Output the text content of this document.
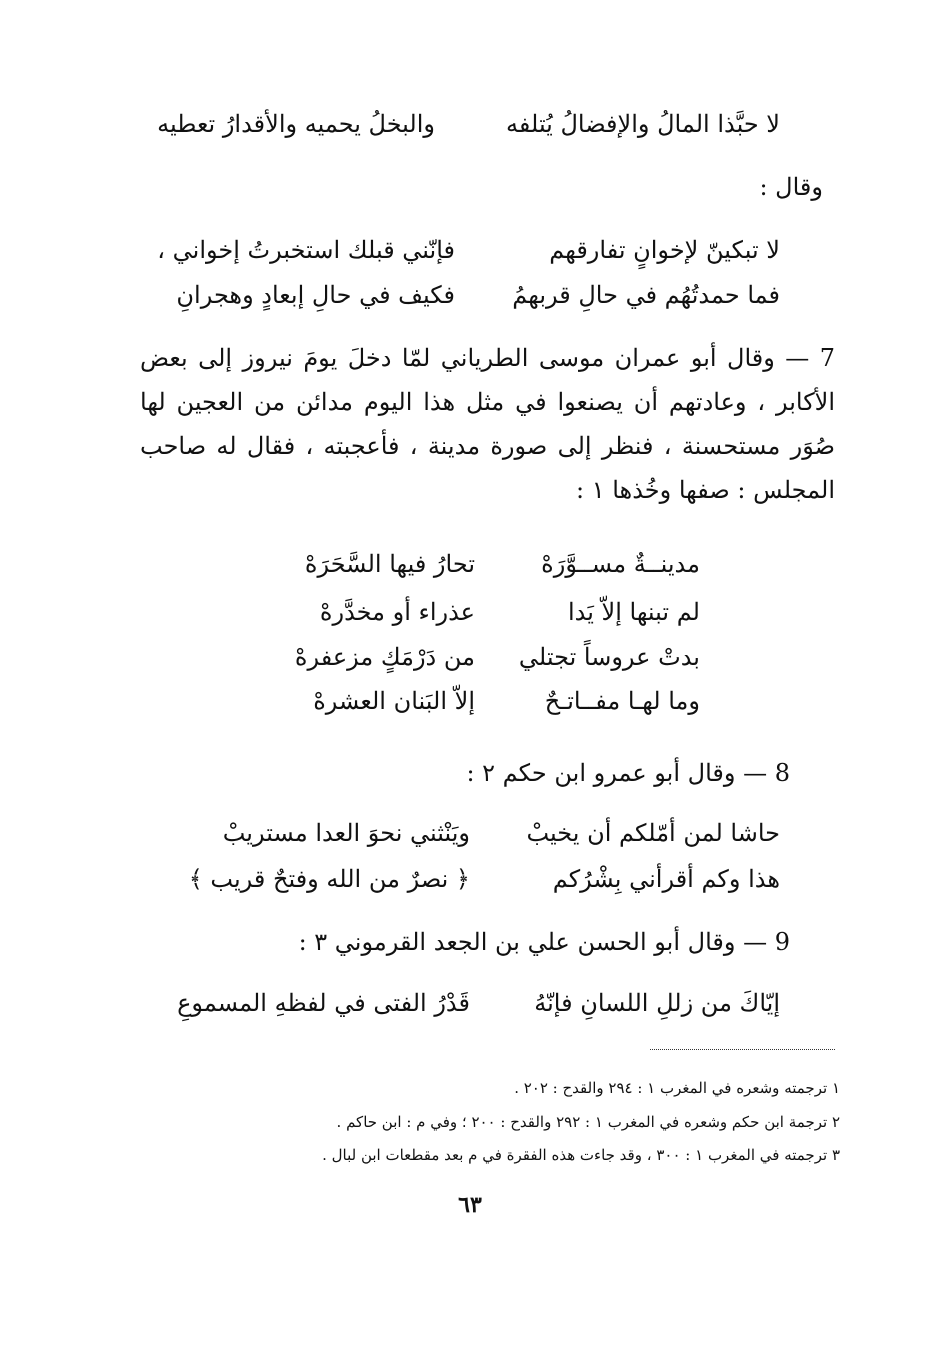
لا حبَّذا المالُ والإفضالُ يُتلفه
والبخلُ يحميه والأقدارُ تعطيه
وقال :
لا تبكينّ لإخوانٍ تفارقهم
فإنّني قبلك استخبرتُ إخواني ،
فما حمدتُهُم في حالِ قربهمُ
فكيف في حالِ إبعادٍ وهجرانِ
7 — وقال أبو عمران موسى الطرياني لمّا دخلَ يومَ نيروز إلى بعض الأكابر ، وعادتهم أن يصنعوا في مثل هذا اليوم مدائن من العجين لها صُوَر مستحسنة ، فنظر إلى صورة مدينة ، فأعجبته ، فقال له صاحب المجلس : صفها وخُذها ١ :
مدينــةٌ مســوَّرَهْ
تحارُ فيها السَّحَرَهْ
لم تبنها إلاّ يَدا
عذراء أو مخدَّرهْ
بدتْ عروساً تجتلي
من دَرْمَكٍ مزعفرهْ
وما لهـا مفــاتـحٌ
إلاّ البَنان العشرهْ
8 — وقال أبو عمرو ابن حكم ٢ :
حاشا لمن أمّلكم أن يخيبْ
ويَنْثني نحوَ العدا مستريبْ
هذا وكم أقرأني بِشْرُكم
﴿ نصرٌ من الله وفتحٌ قريب ﴾
9 — وقال أبو الحسن علي بن الجعد القرموني ٣ :
إيّاكَ من زللِ اللسانِ فإنّهُ
قَدْرُ الفتى في لفظهِ المسموعِ
١ ترجمته وشعره في المغرب ١ : ٢٩٤ والقدح : ٢٠٢ .
٢ ترجمة ابن حكم وشعره في المغرب ١ : ٢٩٢ والقدح : ٢٠٠ ؛ وفي م : ابن حاكم .
٣ ترجمته في المغرب ١ : ٣٠٠ ، وقد جاءت هذه الفقرة في م بعد مقطعات ابن لبال .
٦٣
